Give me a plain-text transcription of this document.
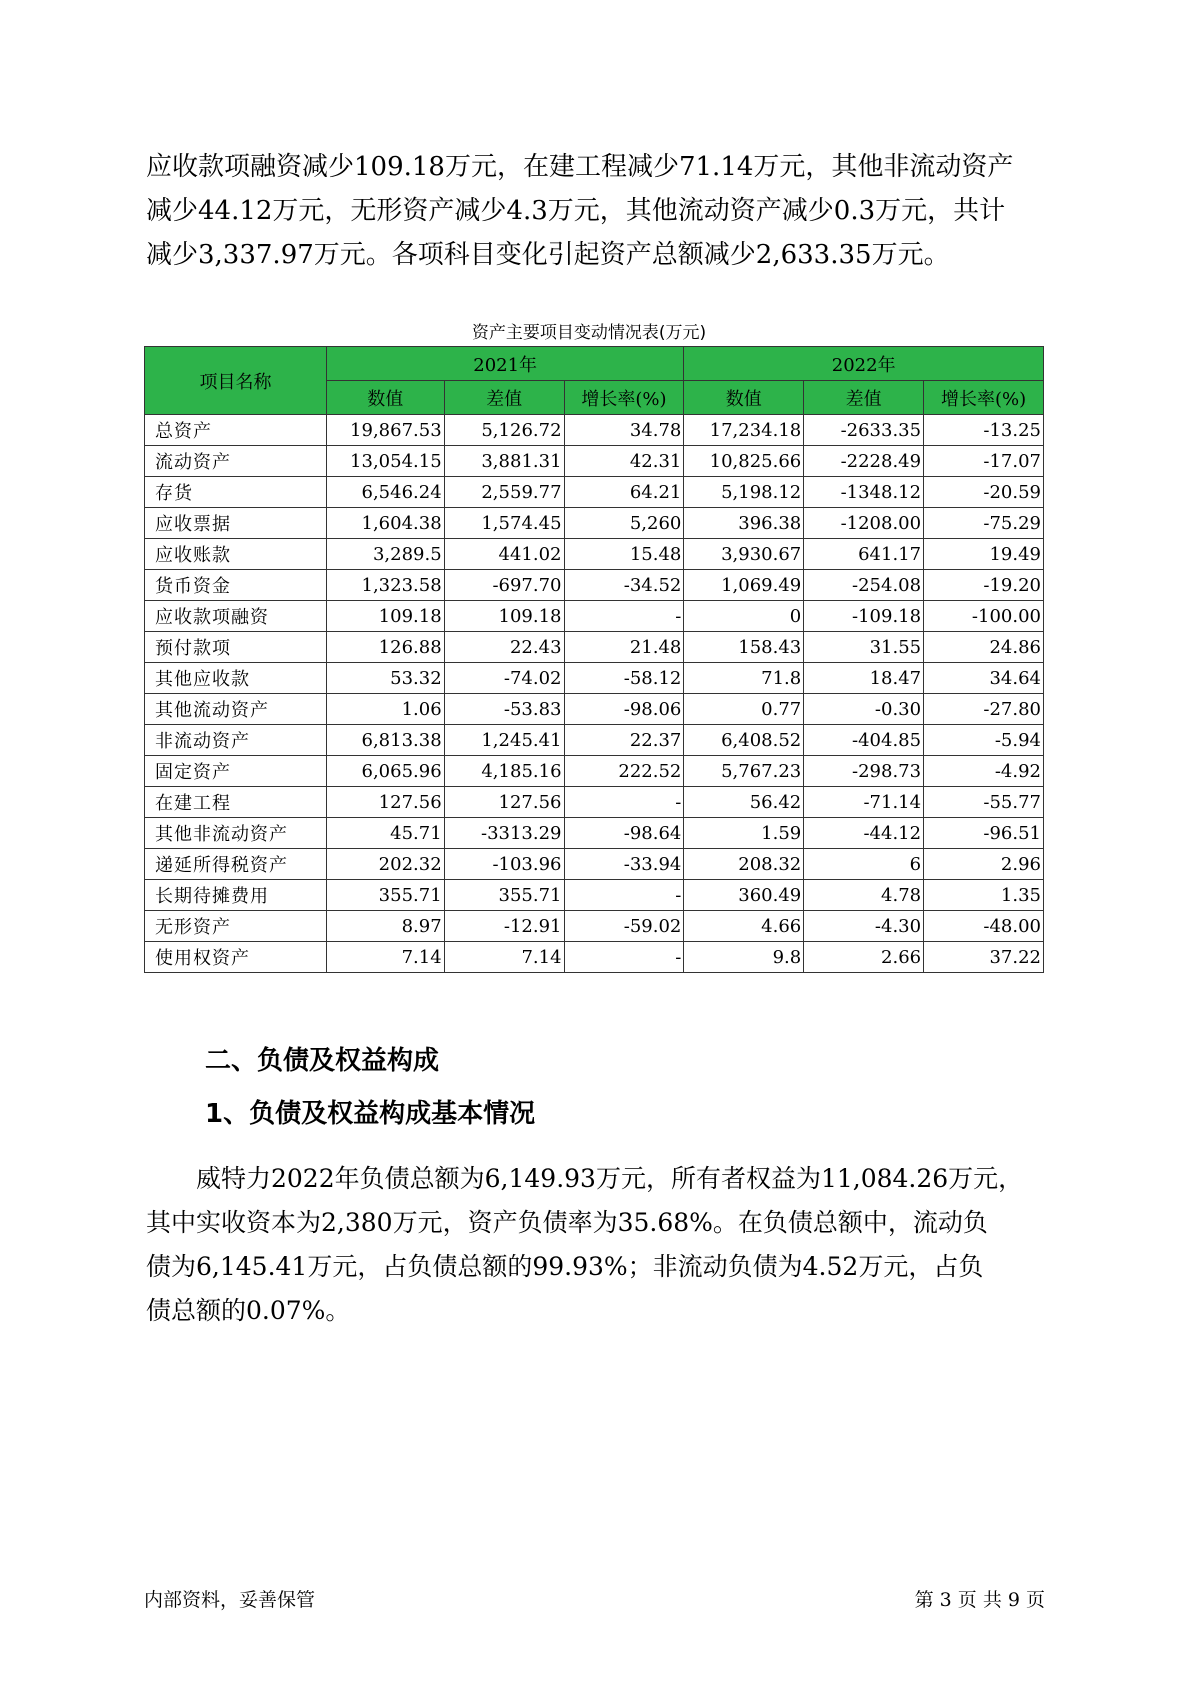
应收款项融资减少109.18万元，在建工程减少71.14万元，其他非流动资产

减少44.12万元，无形资产减少4.3万元，其他流动资产减少0.3万元，共计

减少3,337.97万元。各项科目变化引起资产总额减少2,633.35万元。

资产主要项目变动情况表(万元)
项目名称	2021年			2022年		
	数值	差值	增长率(%)	数值	差值	增长率(%)
总资产	19,867.53	5,126.72	34.78	17,234.18	-2633.35	-13.25
流动资产	13,054.15	3,881.31	42.31	10,825.66	-2228.49	-17.07
存货	6,546.24	2,559.77	64.21	5,198.12	-1348.12	-20.59
应收票据	1,604.38	1,574.45	5,260	396.38	-1208.00	-75.29
应收账款	3,289.5	441.02	15.48	3,930.67	641.17	19.49
货币资金	1,323.58	-697.70	-34.52	1,069.49	-254.08	-19.20
应收款项融资	109.18	109.18	-	0	-109.18	-100.00
预付款项	126.88	22.43	21.48	158.43	31.55	24.86
其他应收款	53.32	-74.02	-58.12	71.8	18.47	34.64
其他流动资产	1.06	-53.83	-98.06	0.77	-0.30	-27.80
非流动资产	6,813.38	1,245.41	22.37	6,408.52	-404.85	-5.94
固定资产	6,065.96	4,185.16	222.52	5,767.23	-298.73	-4.92
在建工程	127.56	127.56	-	56.42	-71.14	-55.77
其他非流动资产	45.71	-3313.29	-98.64	1.59	-44.12	-96.51
递延所得税资产	202.32	-103.96	-33.94	208.32	6	2.96
长期待摊费用	355.71	355.71	-	360.49	4.78	1.35
无形资产	8.97	-12.91	-59.02	4.66	-4.30	-48.00
使用权资产	7.14	7.14	-	9.8	2.66	37.22
二、负债及权益构成
1、负债及权益构成基本情况

　　威特力2022年负债总额为6,149.93万元，所有者权益为11,084.26万元，

其中实收资本为2,380万元，资产负债率为35.68%。在负债总额中，流动负

债为6,145.41万元，占负债总额的99.93%；非流动负债为4.52万元，占负

债总额的0.07%。

内部资料，妥善保管	第 3 页 共 9 页
